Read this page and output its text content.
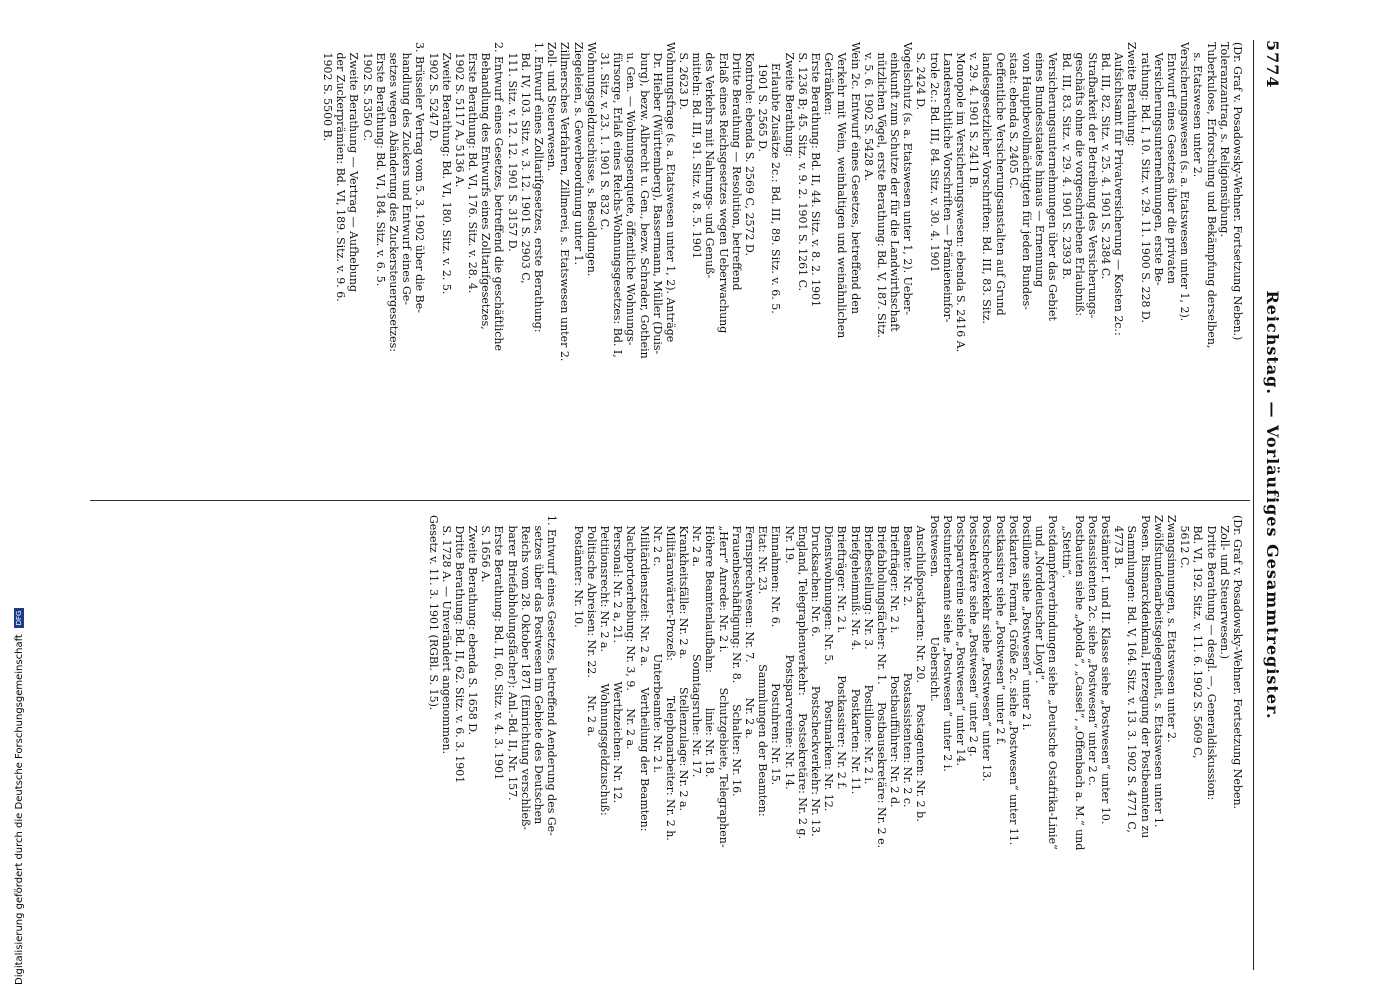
5774
Reichstag. — Vorläufiges Gesammtregister.
(Dr. Graf v. Posadowsky-Wehner. Fortsetzung Neben.)
Toleranzantrag, s. Religionsübung.
Tuberkulose, Erforschung und Bekämpfung derselben,
s. Etatswesen unter 2.
Versicherungswesen (s. a. Etatswesen unter 1, 2).
Entwurf eines Gesetzes über die privaten
Versicherungsunternehmungen, erste Be-
rathung: Bd. I, 10. Sitz. v. 29. 11. 1900 S. 228 D.
Zweite Berathung:
Aufsichtsamt für Privatversicherung — Kosten 2c.:
Bd. III, 82. Sitz. v. 25. 4. 1901 S. 2384 C.
Strafbarkeit der Betreibung des Versicherungs-
geschäfts ohne die vorgeschriebene Erlaubniß:
Bd. III, 83. Sitz. v. 29. 4. 1901 S. 2393 B.
Versicherungsunternehmungen über das Gebiet
eines Bundesstaates hinaus — Ernennung
von Hauptbevollmächtigten für jeden Bundes-
staat: ebenda S. 2405 C.
Oeffentliche Versicherungsanstalten auf Grund
landesgesetzlicher Vorschriften: Bd. III, 83. Sitz.
v. 29. 4. 1901 S. 2411 B.
Monopole im Versicherungswesen: ebenda S. 2416 A.
Landesrechtliche Vorschriften — Prämieneinfor-
trole 2c.: Bd. III, 84. Sitz. v. 30. 4. 1901
S. 2424 D.
Vogelschutz (s. a. Etatswesen unter 1, 2). Ueber-
einkunft zum Schutze der für die Landwirthschaft
nützlichen Vögel, erste Berathung: Bd. V, 187. Sitz.
v. 5. 6. 1902 S. 5428 A.
Wein 2c. Entwurf eines Gesetzes, betreffend den
Verkehr mit Wein, weinhaltigen und weinähnlichen
Getränken:
Erste Berathung: Bd. II, 44. Sitz. v. 8. 2. 1901
S. 1236 B; 45. Sitz. v. 9. 2. 1901 S. 1261 C.
Zweite Berathung:
Erlaubte Zusätze 2c.: Bd. III, 89. Sitz. v. 6. 5.
1901 S. 2565 D.
Kontrole: ebenda S. 2569 C, 2572 D.
Dritte Berathung — Resolution, betreffend
Erlaß eines Reichsgesetzes wegen Ueberwachung
des Verkehrs mit Nahrungs- und Genuß-
mitteln: Bd. III, 91. Sitz. v. 8. 5. 1901
S. 2623 D.
Wohnungsfrage (s. a. Etatswesen unter 1, 2). Anträge
Dr. Hieber (Württemberg), Bassermann, Müller (Duis-
burg), bezw. Albrecht u. Gen., bezw. Schrader, Gothein
u. Gen. — Wohnungsenquete, öffentliche Wohnungs-
fürsorge, Erlaß eines Reichs-Wohnungsgesetzes: Bd. I,
31. Sitz. v. 23. 1. 1901 S. 832 C.
Wohnungsgeldzuschüsse, s. Besoldungen.
Ziegeleien, s. Gewerbeordnung unter 1.
Zillmersches Verfahren, Zillmerei, s. Etatswesen unter 2.
Zoll- und Steuerwesen.
1. Entwurf eines Zolltarifgesetzes, erste Berathung:
Bd. IV, 103. Sitz. v. 3. 12. 1901 S. 2903 C,
111. Sitz. v. 12. 12. 1901 S. 3157 D.
2. Entwurf eines Gesetzes, betreffend die geschäftliche
Behandlung des Entwurfs eines Zolltarifgesetzes,
Erste Berathung: Bd. VI, 176. Sitz. v. 28. 4.
1902 S. 5117 A, 5136 A.
Zweite Berathung: Bd. VI, 180. Sitz. v. 2. 5.
1902 S. 5247 D.
3. Brüsseler Vertrag vom 5. 3. 1902 über die Be-
handlung des Zuckers und Entwurf eines Ge-
setzes wegen Abänderung des Zuckersteuergesetzes:
Erste Berathung: Bd. VI, 184. Sitz. v. 6. 5.
1902 S. 5350 C.
Zweite Berathung — Vertrag — Aufhebung
der Zuckerprämien: Bd. VI, 189. Sitz. v. 9. 6.
1902 S. 5500 B.
(Dr. Graf v. Posadowsky-Wehner. Fortsetzung Neben.
Zoll- und Steuerwesen.)
Dritte Berathung — desgl. —, Generaldiskussion:
Bd. VI, 192. Sitz. v. 11. 6. 1902 S. 5609 C,
5612 C.
Zwangsinnungen, s. Etatswesen unter 2.
Zwölfstundenarbeitsgelegenheit, s. Etatswesen unter 1.
Posen. Bismarckdenkmal, Herzegung der Postbeamten zu
Sammlungen: Bd. V, 164. Sitz. v. 13. 3. 1902 S. 4771 C,
4773 B.
Postämter I. und II. Klasse siehe „Postwesen“ unter 10.
Postassistenten 2c. siehe „Postwesen“ unter 2 c.
Postbauten siehe „Apolda“, „Cassel“, „Offenbach a. M.“ und
„Stettin“.
Postdampferverbindungen siehe „Deutsche Ostafrika-Linie“
und „Norddeutscher Lloyd“.
Postillone siehe „Postwesen“ unter 2 i.
Postkarten, Format, Größe 2c. siehe „Postwesen“ unter 11.
Postkassirer siehe „Postwesen“ unter 2 f.
Postscheckverkehr siehe „Postwesen“ unter 13.
Postsekretäre siehe „Postwesen“ unter 2 g.
Postsparvereine siehe „Postwesen“ unter 14.
Postunterbeamte siehe „Postwesen“ unter 2 i.
Postwesen.                 Uebersicht.
Anschlußpostkarten: Nr. 20.      Postagenten: Nr. 2 b.
Beamte: Nr. 2.                   Postassistenten: Nr. 2 c.
Briefträger: Nr. 2 i.            Postbaufführer: Nr. 2 d.
Briefabholungsfächer: Nr. 1.     Postbausekretäre: Nr. 2 e.
Briefbestellung: Nr. 3.          Postillone: Nr. 2 i.
Briefgeheimniß: Nr. 4.           Postkarten: Nr. 11.
Briefträger: Nr. 2 i.            Postkassirer: Nr. 2 f.
Dienstwohnungen: Nr. 5.          Postmarken: Nr. 12.
Drucksachen: Nr. 6.              Postscheckverkehr: Nr. 13.
England, Telegraphenverkehr:     Postsekretäre: Nr. 2 g.
Nr. 19.                          Postsparvereine: Nr. 14.
Einnahmen: Nr. 6.                Postuhren: Nr. 15.
Etat: Nr. 23.                    Sammlungen der Beamten:
Fernsprechwesen: Nr. 7.          Nr. 2 a.
Frauenbeschäftigung: Nr. 8.      Schalter: Nr. 16.
„Herr“ Anrede: Nr. 2 i.          Schutzgebiete, Telegraphen-
Höhere Beamtenlaufbahn:          linie: Nr. 18.
Nr. 2 a.                         Sonntagsruhe: Nr. 17.
Krankheitsfälle: Nr. 2 a.        Stellenzulage: Nr. 2 a.
Militäranwärter-Prozeß:          Telephonarbeiter: Nr. 2 h.
Nr. 2 c.                         Unterbeamte: Nr. 2 i.
Militärdienstzeit: Nr. 2 a.      Vertheilung der Beamten:
Nachportoerhebung: Nr. 3, 9.     Nr. 2 a.
Personal: Nr. 2 a, 21.           Werthzeichen: Nr. 12.
Petitionsrecht: Nr. 2 a.         Wohnungsgeldzuschuß:
Politische Abreisen: Nr. 22.     Nr. 2 a.
Postämter: Nr. 10.
1. Entwurf eines Gesetzes, betreffend Aenderung des Ge-
setzes über das Postwesen im Gebiete des Deutschen
Reichs vom 28. Oktober 1871 (Einrichtung verschließ-
barer Briefabholungsfächer): Anl.-Bd. II, Nr. 157.
Erste Berathung: Bd. II, 60. Sitz. v. 4. 3. 1901
S. 1656 A.
Zweite Berathung: ebenda S. 1658 D.
Dritte Berathung: Bd. II, 62. Sitz. v. 6. 3. 1901
S. 1728 A. — Unverändert angenommen.
Gesetz v. 11. 3. 1901 (RGBl. S. 15).
Digitalisierung gefördert durch die Deutsche Forschungsgemeinschaft DFG
